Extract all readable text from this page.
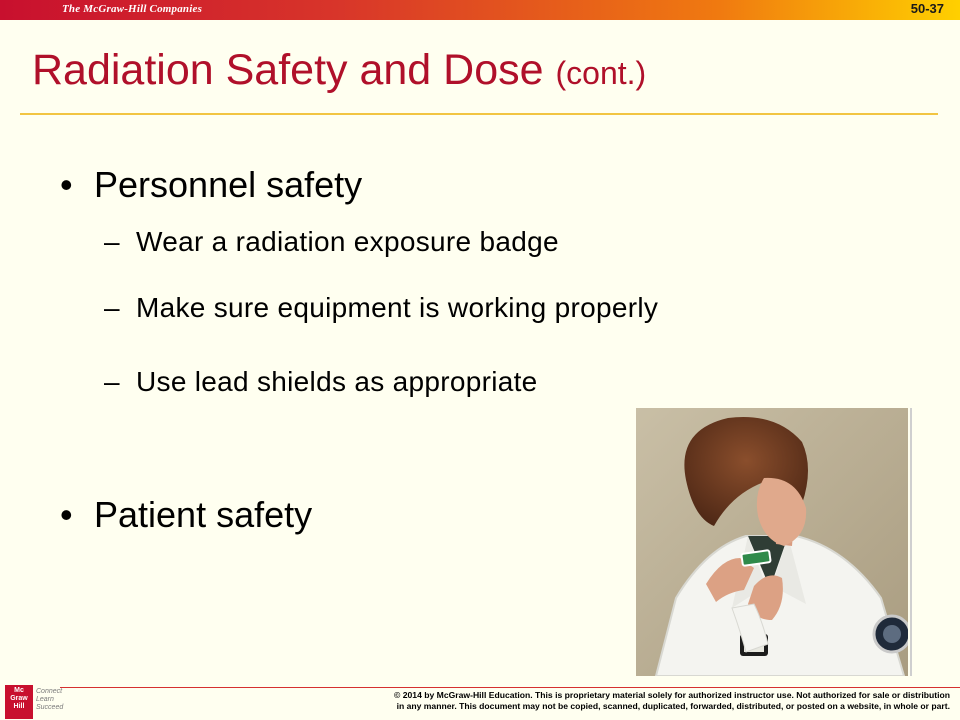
The McGraw-Hill Companies	50-37
Radiation Safety and Dose (cont.)
• Personnel safety
– Wear a radiation exposure badge
– Make sure equipment is working properly
– Use lead shields as appropriate
• Patient safety
Mc Graw Hill
Connect
Learn
Succeed
© 2014 by McGraw-Hill Education. This is proprietary material solely for authorized instructor use. Not authorized for sale or distribution
in any manner. This document may not be copied, scanned, duplicated, forwarded, distributed, or posted on a website, in whole or part.
